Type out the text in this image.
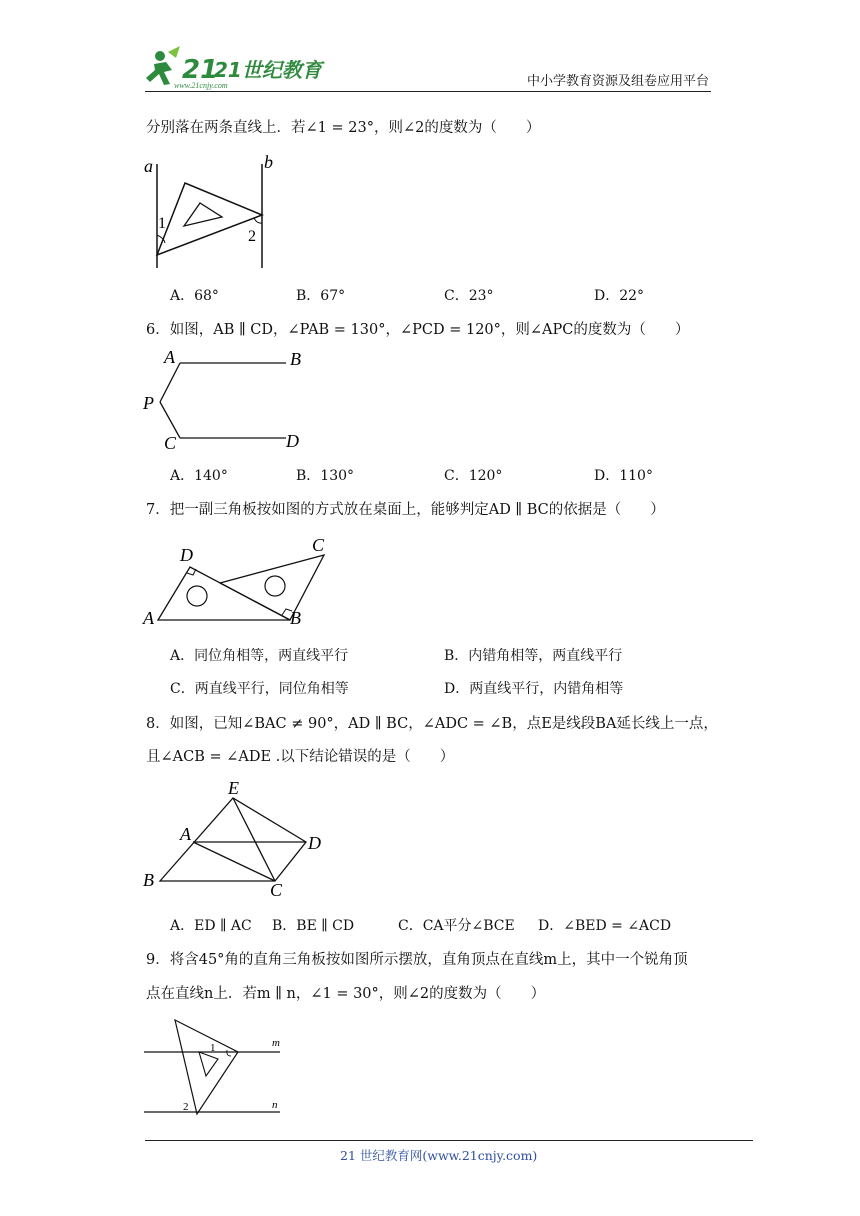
21
21世纪教育
www.21cnjy.com	中小学教育资源及组卷应用平台
分别落在两条直线上．若∠1 = 23°，则∠2的度数为（　　）
a	b
1
2
A．68°	B．67°	C．23°	D．22°
6．如图，AB ∥ CD，∠PAB = 130°，∠PCD = 120°，则∠APC的度数为（　　）
A	B
P
C	D
A．140°	B．130°	C．120°	D．110°
7．把一副三角板按如图的方式放在桌面上，能够判定AD ∥ BC的依据是（　　）
D	C
A	B
A．同位角相等，两直线平行	B．内错角相等，两直线平行
C．两直线平行，同位角相等	D．两直线平行，内错角相等
8．如图，已知∠BAC ≠ 90°，AD ∥ BC，∠ADC = ∠B，点E是线段BA延长线上一点，
且∠ACB = ∠ADE .以下结论错误的是（　　）
E
A	D
B	C
A．ED ∥ AC B．BE ∥ CD	C．CA平分∠BCE D．∠BED = ∠ACD
9．将含45°角的直角三角板按如图所示摆放，直角顶点在直线m上，其中一个锐角顶
点在直线n上．若m ∥ n，∠1 = 30°，则∠2的度数为（　　）
m
n
1
2
21 世纪教育网(www.21cnjy.com)
